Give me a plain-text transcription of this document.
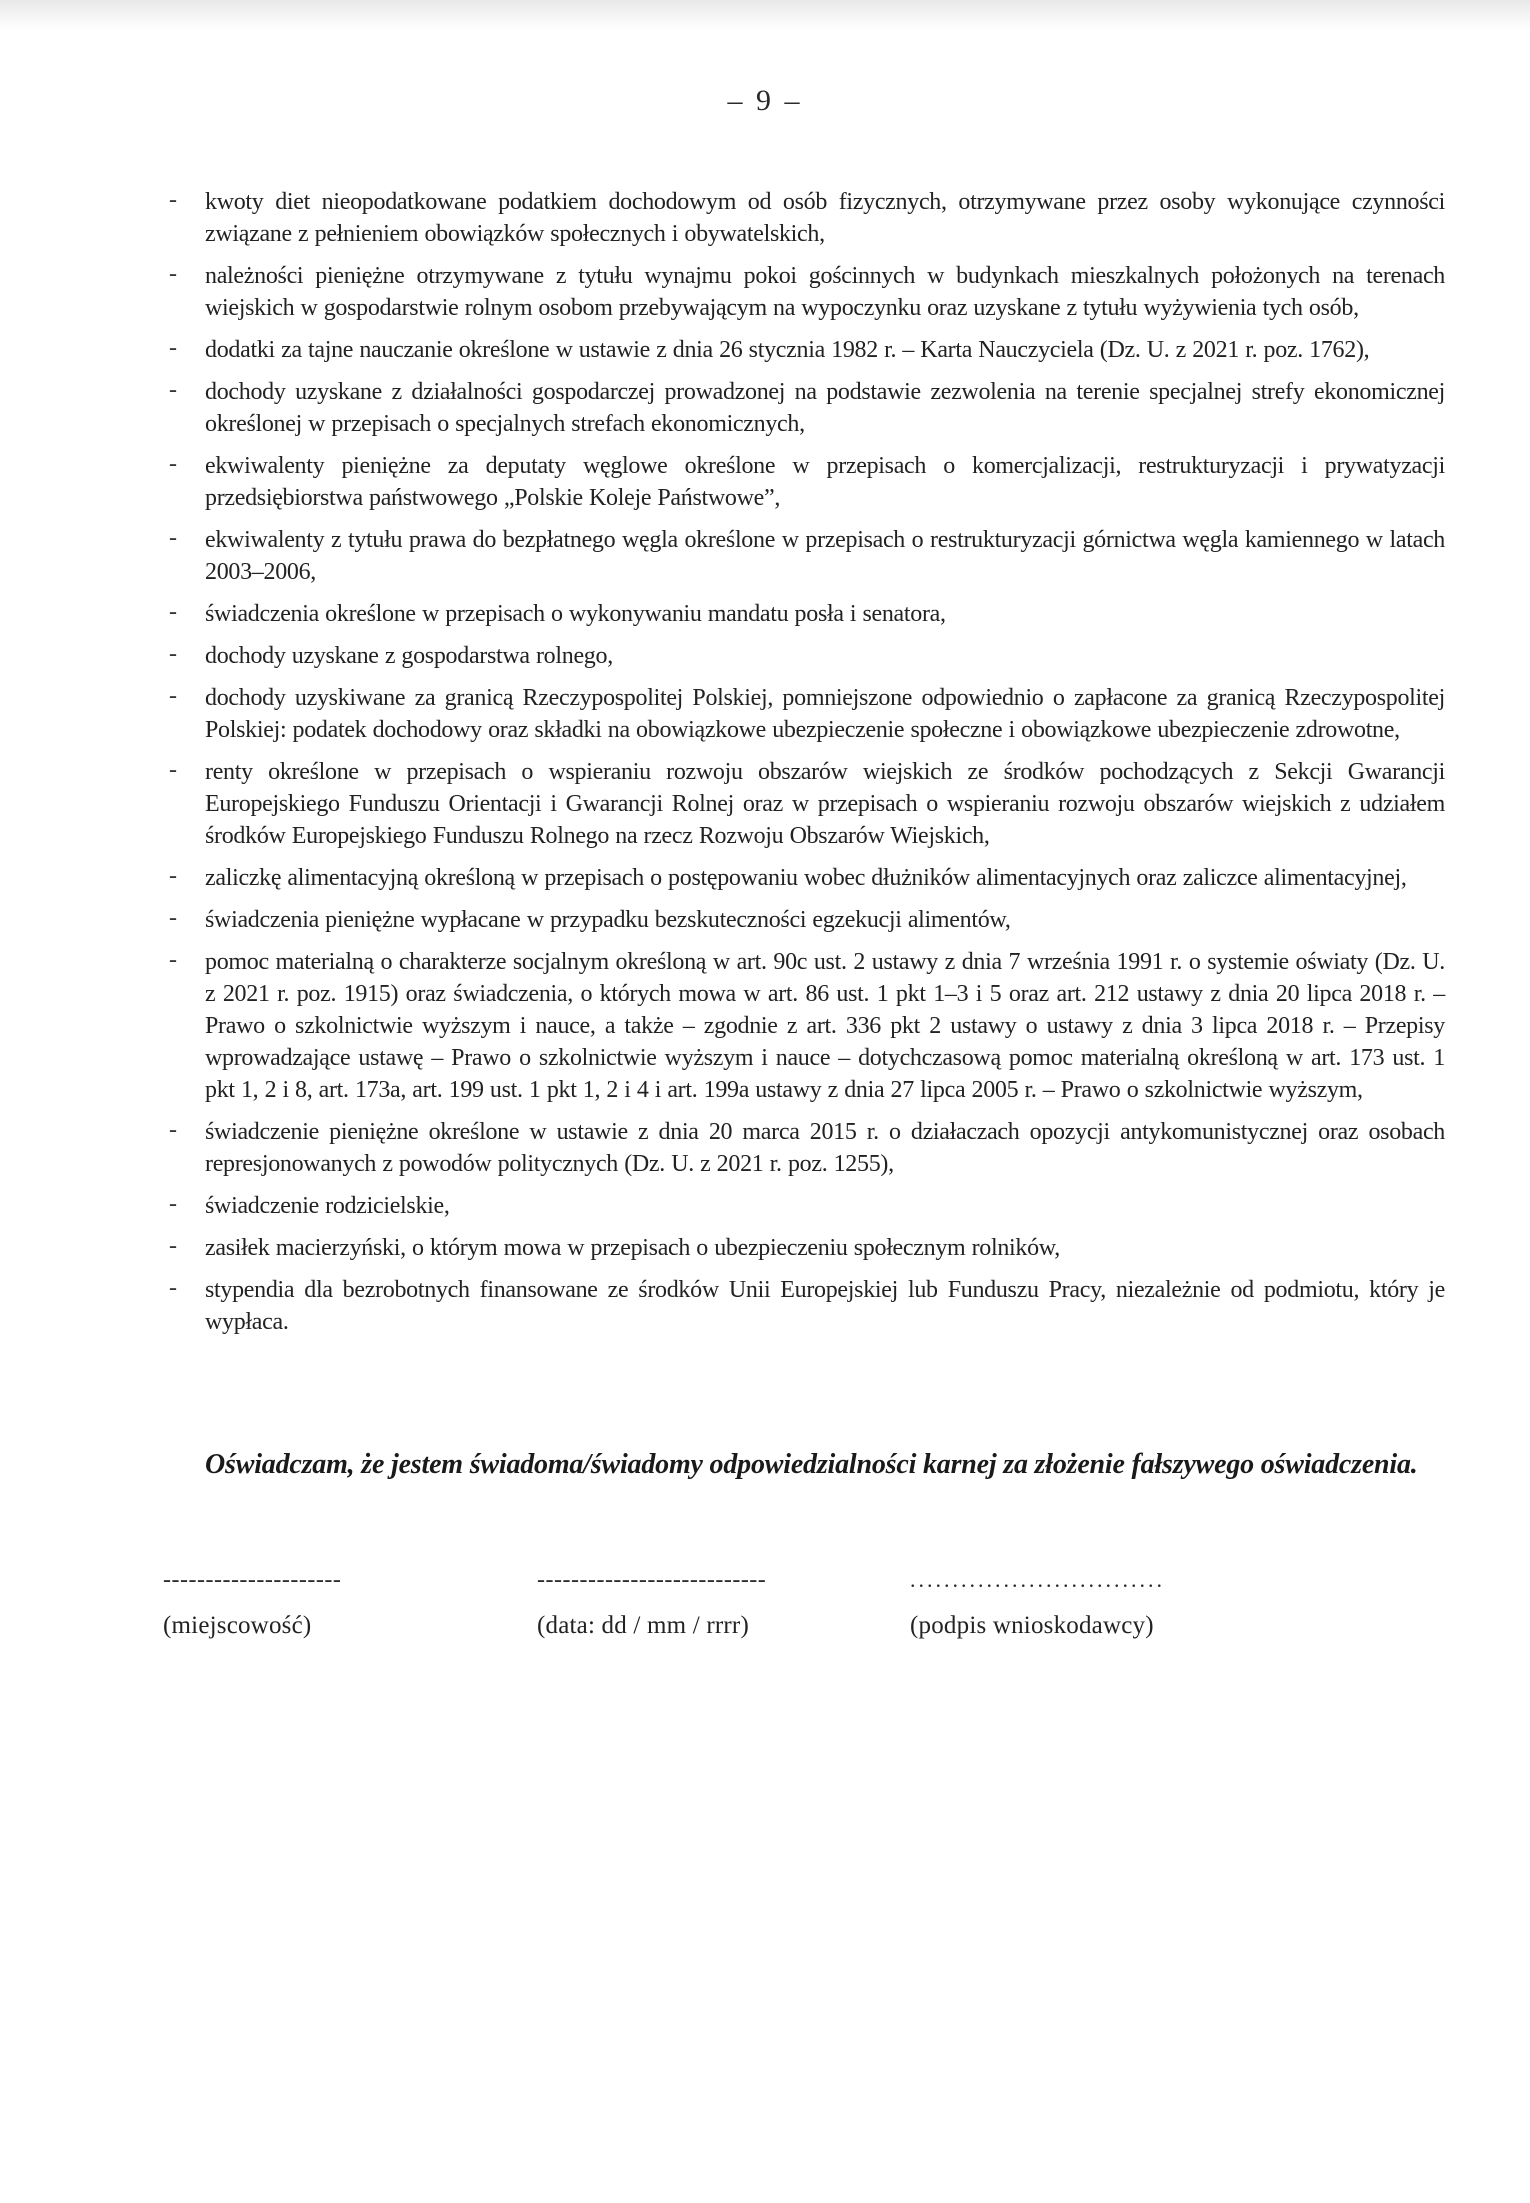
– 9 –
- kwoty diet nieopodatkowane podatkiem dochodowym od osób fizycznych, otrzymywane przez osoby wykonujące czynności związane z pełnieniem obowiązków społecznych i obywatelskich,
- należności pieniężne otrzymywane z tytułu wynajmu pokoi gościnnych w budynkach mieszkalnych położonych na terenach wiejskich w gospodarstwie rolnym osobom przebywającym na wypoczynku oraz uzyskane z tytułu wyżywienia tych osób,
- dodatki za tajne nauczanie określone w ustawie z dnia 26 stycznia 1982 r. – Karta Nauczyciela (Dz. U. z 2021 r. poz. 1762),
- dochody uzyskane z działalności gospodarczej prowadzonej na podstawie zezwolenia na terenie specjalnej strefy ekonomicznej określonej w przepisach o specjalnych strefach ekonomicznych,
- ekwiwalenty pieniężne za deputaty węglowe określone w przepisach o komercjalizacji, restrukturyzacji i prywatyzacji przedsiębiorstwa państwowego „Polskie Koleje Państwowe”,
- ekwiwalenty z tytułu prawa do bezpłatnego węgla określone w przepisach o restrukturyzacji górnictwa węgla kamiennego w latach 2003–2006,
- świadczenia określone w przepisach o wykonywaniu mandatu posła i senatora,
- dochody uzyskane z gospodarstwa rolnego,
- dochody uzyskiwane za granicą Rzeczypospolitej Polskiej, pomniejszone odpowiednio o zapłacone za granicą Rzeczypospolitej Polskiej: podatek dochodowy oraz składki na obowiązkowe ubezpieczenie społeczne i obowiązkowe ubezpieczenie zdrowotne,
- renty określone w przepisach o wspieraniu rozwoju obszarów wiejskich ze środków pochodzących z Sekcji Gwarancji Europejskiego Funduszu Orientacji i Gwarancji Rolnej oraz w przepisach o wspieraniu rozwoju obszarów wiejskich z udziałem środków Europejskiego Funduszu Rolnego na rzecz Rozwoju Obszarów Wiejskich,
- zaliczkę alimentacyjną określoną w przepisach o postępowaniu wobec dłużników alimentacyjnych oraz zaliczce alimentacyjnej,
- świadczenia pieniężne wypłacane w przypadku bezskuteczności egzekucji alimentów,
- pomoc materialną o charakterze socjalnym określoną w art. 90c ust. 2 ustawy z dnia 7 września 1991 r. o systemie oświaty (Dz. U. z 2021 r. poz. 1915) oraz świadczenia, o których mowa w art. 86 ust. 1 pkt 1–3 i 5 oraz art. 212 ustawy z dnia 20 lipca 2018 r. – Prawo o szkolnictwie wyższym i nauce, a także – zgodnie z art. 336 pkt 2 ustawy o ustawy z dnia 3 lipca 2018 r. – Przepisy wprowadzające ustawę – Prawo o szkolnictwie wyższym i nauce – dotychczasową pomoc materialną określoną w art. 173 ust. 1 pkt 1, 2 i 8, art. 173a, art. 199 ust. 1 pkt 1, 2 i 4 i art. 199a ustawy z dnia 27 lipca 2005 r. – Prawo o szkolnictwie wyższym,
- świadczenie pieniężne określone w ustawie z dnia 20 marca 2015 r. o działaczach opozycji antykomunistycznej oraz osobach represjonowanych z powodów politycznych (Dz. U. z 2021 r. poz. 1255),
- świadczenie rodzicielskie,
- zasiłek macierzyński, o którym mowa w przepisach o ubezpieczeniu społecznym rolników,
- stypendia dla bezrobotnych finansowane ze środków Unii Europejskiej lub Funduszu Pracy, niezależnie od podmiotu, który je wypłaca.
Oświadczam, że jestem świadoma/świadomy odpowiedzialności karnej za złożenie fałszywego oświadczenia.
---------------------
(miejscowość)
---------------------------
(data: dd / mm / rrrr)
..............................
(podpis wnioskodawcy)
